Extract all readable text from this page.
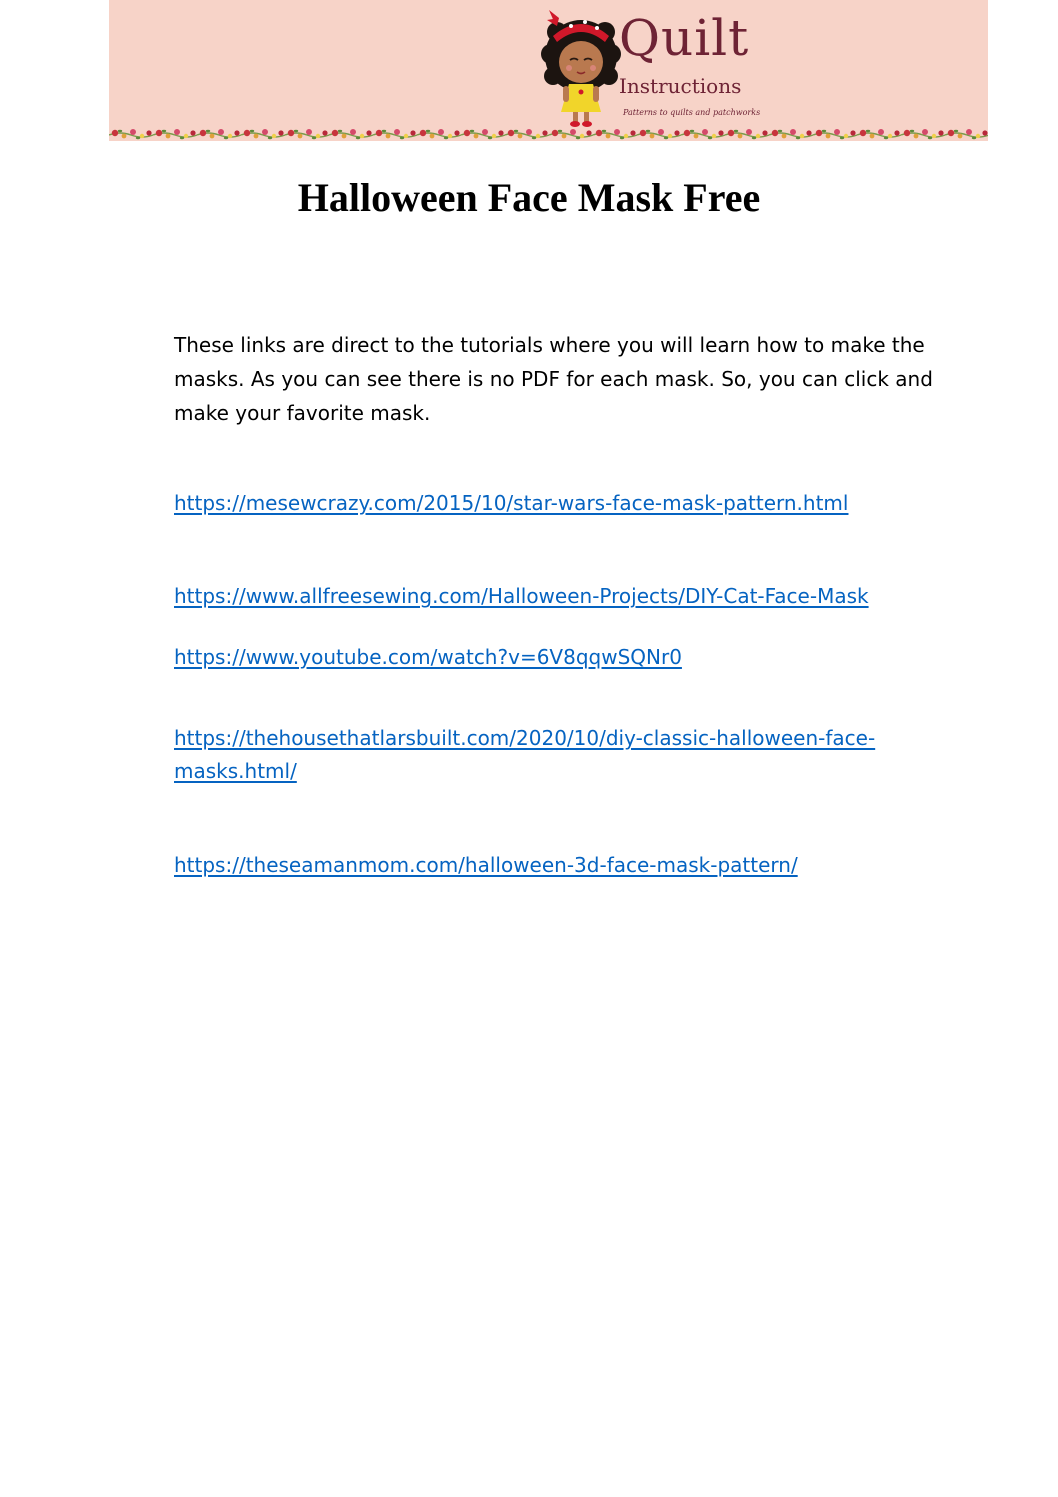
Quilt
Instructions
Patterns to quilts and patchworks
Halloween Face Mask Free

These links are direct to the tutorials where you will learn how to make the masks. As you can see there is no PDF for each mask. So, you can click and make your favorite mask.

https://mesewcrazy.com/2015/10/star-wars-face-mask-pattern.html
https://www.allfreesewing.com/Halloween-Projects/DIY-Cat-Face-Mask
https://www.youtube.com/watch?v=6V8qqwSQNr0
https://thehousethatlarsbuilt.com/2020/10/diy-classic-halloween-face-masks.html/
https://theseamanmom.com/halloween-3d-face-mask-pattern/
